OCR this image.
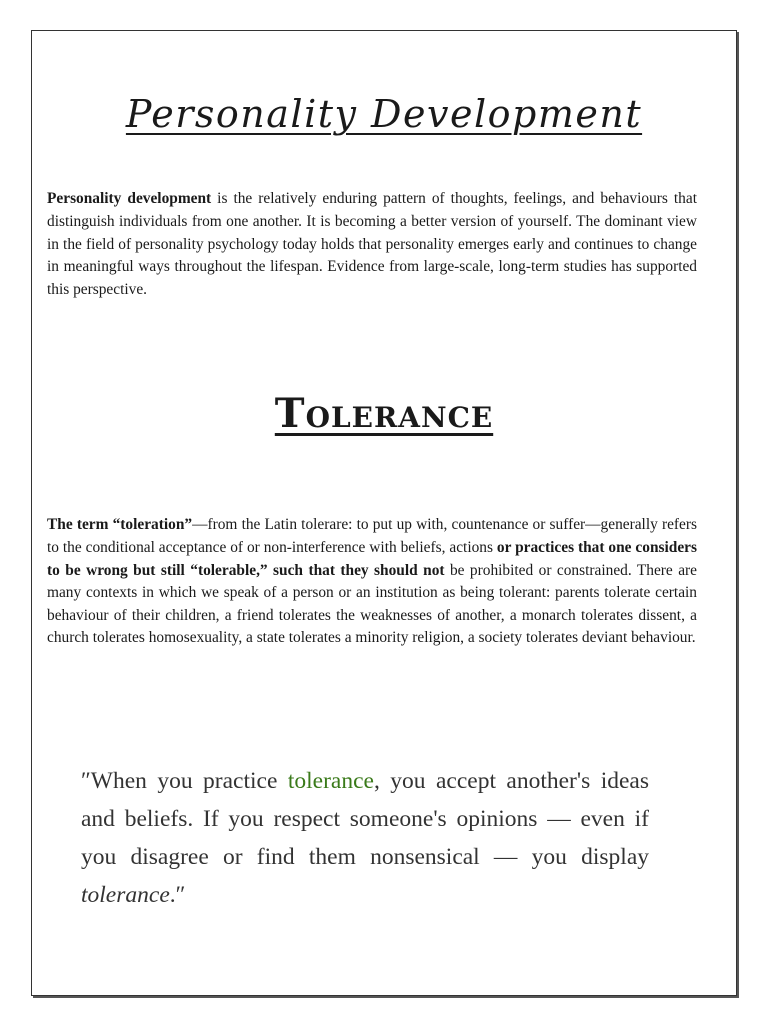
Personality Development

Personality development is the relatively enduring pattern of thoughts, feelings, and behaviours that distinguish individuals from one another. It is becoming a better version of yourself. The dominant view in the field of personality psychology today holds that personality emerges early and continues to change in meaningful ways throughout the lifespan. Evidence from large-scale, long-term studies has supported this perspective.

Tolerance

The term “toleration”—from the Latin tolerare: to put up with, countenance or suffer—generally refers to the conditional acceptance of or non-interference with beliefs, actions or practices that one considers to be wrong but still “tolerable,” such that they should not be prohibited or constrained. There are many contexts in which we speak of a person or an institution as being tolerant: parents tolerate certain behaviour of their children, a friend tolerates the weaknesses of another, a monarch tolerates dissent, a church tolerates homosexuality, a state tolerates a minority religion, a society tolerates deviant behaviour.

″When you practice tolerance, you accept another's ideas and beliefs. If you respect someone's opinions — even if you disagree or find them nonsensical — you display tolerance.″
